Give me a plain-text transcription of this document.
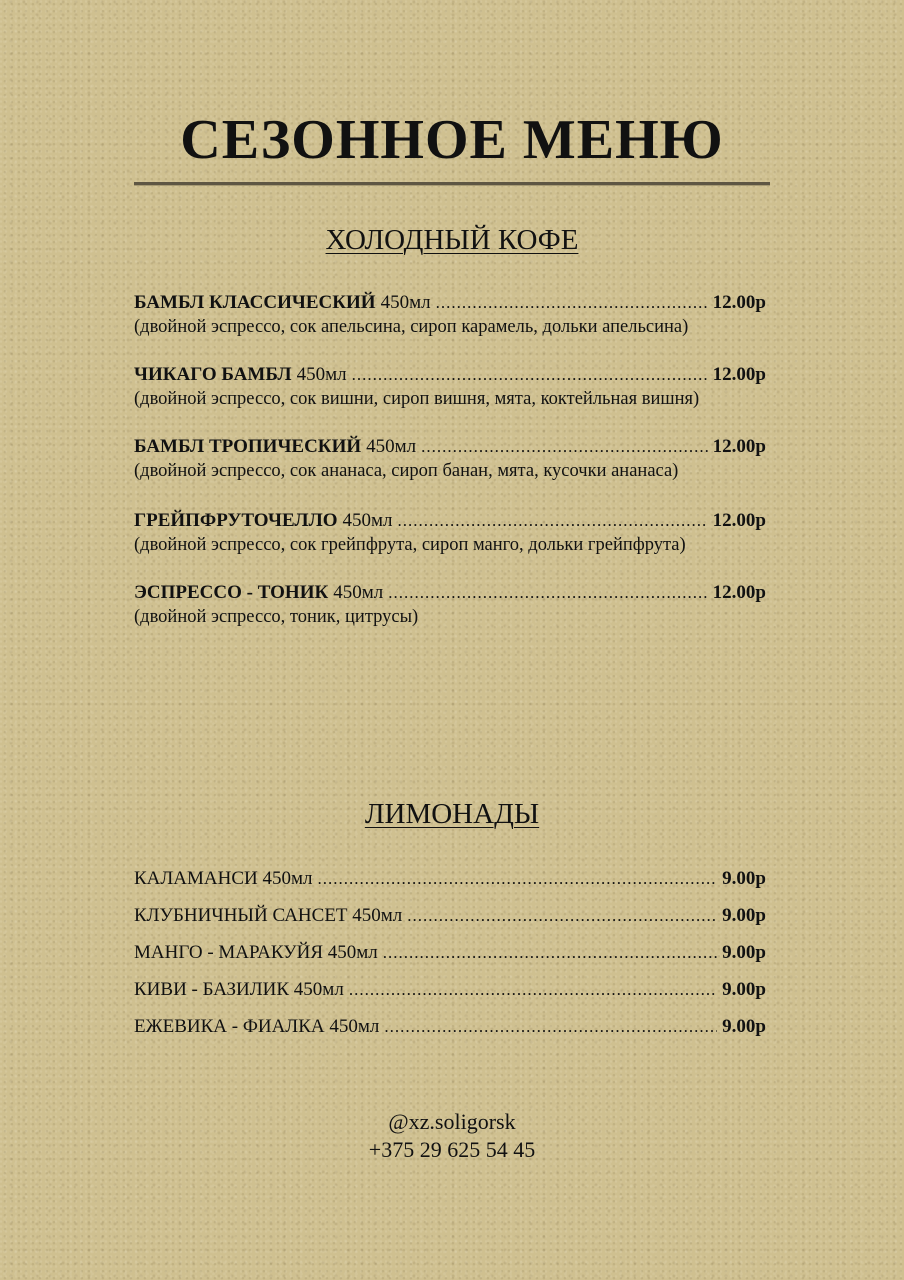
СЕЗОННОЕ МЕНЮ
ХОЛОДНЫЙ КОФЕ
БАМБЛ КЛАССИЧЕСКИЙ 450мл .....	12.00р
(двойной эспрессо, сок апельсина, сироп карамель, дольки апельсина)
ЧИКАГО БАМБЛ 450мл .....	12.00р
(двойной эспрессо, сок вишни, сироп вишня, мята, коктейльная вишня)
БАМБЛ ТРОПИЧЕСКИЙ 450мл .....	12.00р
(двойной эспрессо, сок ананаса, сироп банан, мята, кусочки ананаса)
ГРЕЙПФРУТОЧЕЛЛО 450мл .....	12.00р
(двойной эспрессо, сок грейпфрута, сироп манго, дольки грейпфрута)
ЭСПРЕССО - ТОНИК 450мл .....	12.00р
(двойной эспрессо, тоник, цитрусы)
ЛИМОНАДЫ
КАЛАМАНСИ 450мл .....	9.00р
КЛУБНИЧНЫЙ САНСЕТ 450мл .....	9.00р
МАНГО - МАРАКУЙЯ 450мл .....	9.00р
КИВИ - БАЗИЛИК 450мл .....	9.00р
ЕЖЕВИКА - ФИАЛКА 450мл .....	9.00р
@xz.soligorsk
+375 29 625 54 45
